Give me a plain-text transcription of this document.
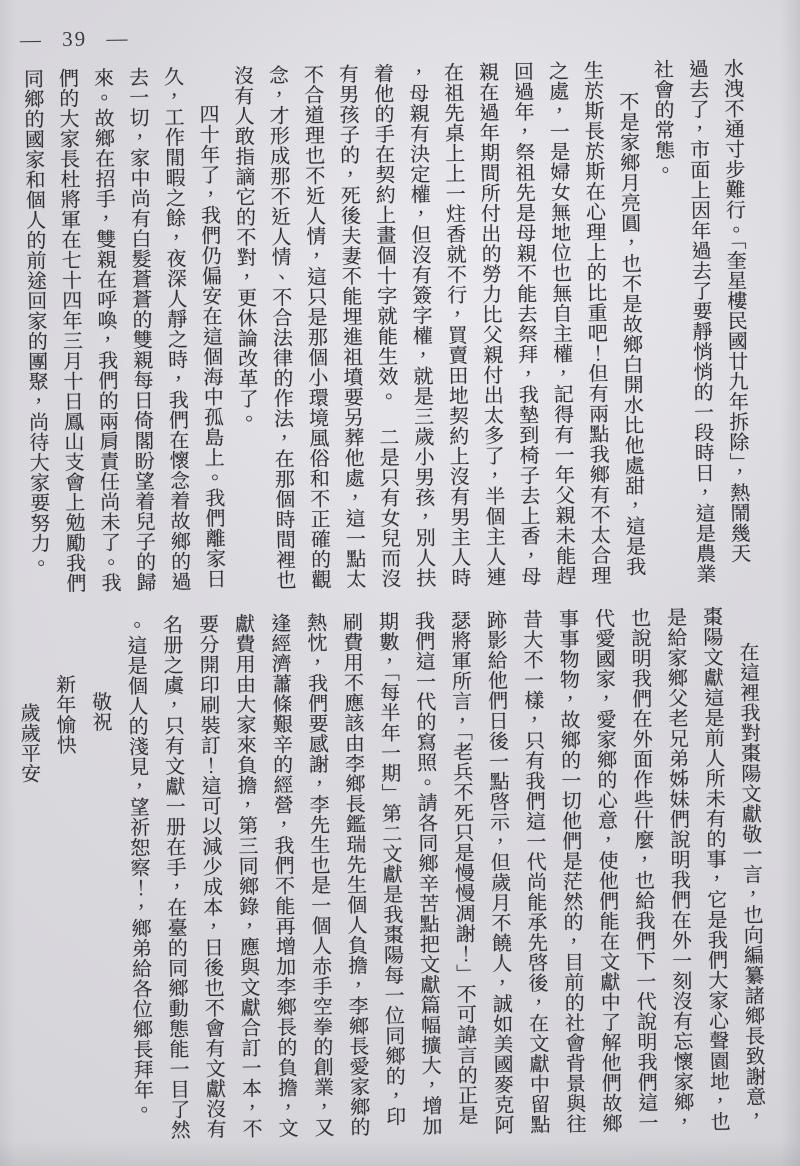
— 39 —
水洩不通寸步難行。「奎星樓民國廿九年拆除」，熱鬧幾天
過去了，市面上因年過去了要靜悄悄的一段時日，這是農業
社會的常態。
不是家鄉月亮圓，也不是故鄉白開水比他處甜，這是我
生於斯長於斯在心理上的比重吧！但有兩點我鄉有不太合理
之處，一是婦女無地位也無自主權，記得有一年父親未能趕
回過年，祭祖先是母親不能去祭拜，我墊到椅子去上香，母
親在過年期間所付出的勞力比父親付出太多了，半個主人連
在祖先桌上上一炷香就不行，買賣田地契約上沒有男主人時
，母親有決定權，但沒有簽字權，就是三歲小男孩，別人扶
着他的手在契約上畫個十字就能生效。　二是只有女兒而沒
有男孩子的，死後夫妻不能埋進祖墳要另葬他處，這一點太
不合道理也不近人情，這只是那個小環境風俗和不正確的觀
念，才形成那不近人情、不合法律的作法，在那個時間裡也
沒有人敢指謫它的不對，更休論改革了。
四十年了，我們仍偏安在這個海中孤島上。我們離家日
久，工作閒暇之餘，夜深人靜之時，我們在懷念着故鄉的過
去一切，家中尚有白髮蒼蒼的雙親每日倚閣盼望着兒子的歸
來。故鄉在招手，雙親在呼喚，我們的兩肩責任尚未了。我
們的大家長杜將軍在七十四年三月十日鳳山支會上勉勵我們
同鄉的國家和個人的前途回家的團聚，尚待大家要努力。
在這裡我對棗陽文獻敬一言，也向編纂諸鄉長致謝意，
棗陽文獻這是前人所未有的事，它是我們大家心聲園地，也
是給家鄉父老兄弟姊妹們說明我們在外一刻沒有忘懷家鄉，
也說明我們在外面作些什麼，也給我們下一代說明我們這一
代愛國家，愛家鄉的心意，使他們能在文獻中了解他們故鄉
事事物物，故鄉的一切他們是茫然的，目前的社會背景與往
昔大不一樣，只有我們這一代尚能承先啓後，在文獻中留點
跡影給他們日後一點啓示，但歲月不饒人，誠如美國麥克阿
瑟將軍所言，「老兵不死只是慢慢凋謝！」不可諱言的正是
我們這一代的寫照。請各同鄉辛苦點把文獻篇幅擴大，增加
期數，「每半年一期」第二文獻是我棗陽每一位同鄉的，印
刷費用不應該由李鄉長鑑瑞先生個人負擔，李鄉長愛家鄉的
熱忱，我們要感謝，李先生也是一個人赤手空拳的創業，又
逢經濟蕭條艱辛的經營，我們不能再增加李鄉長的負擔，文
獻費用由大家來負擔，第三同鄉錄，應與文獻合訂一本，不
要分開印刷裝訂！這可以減少成本，日後也不會有文獻沒有
名册之虞，只有文獻一册在手，在臺的同鄉動態能一目了然
。這是個人的淺見，望祈恕察！，鄉弟給各位鄉長拜年。
敬祝
新年愉快
歲歲平安
